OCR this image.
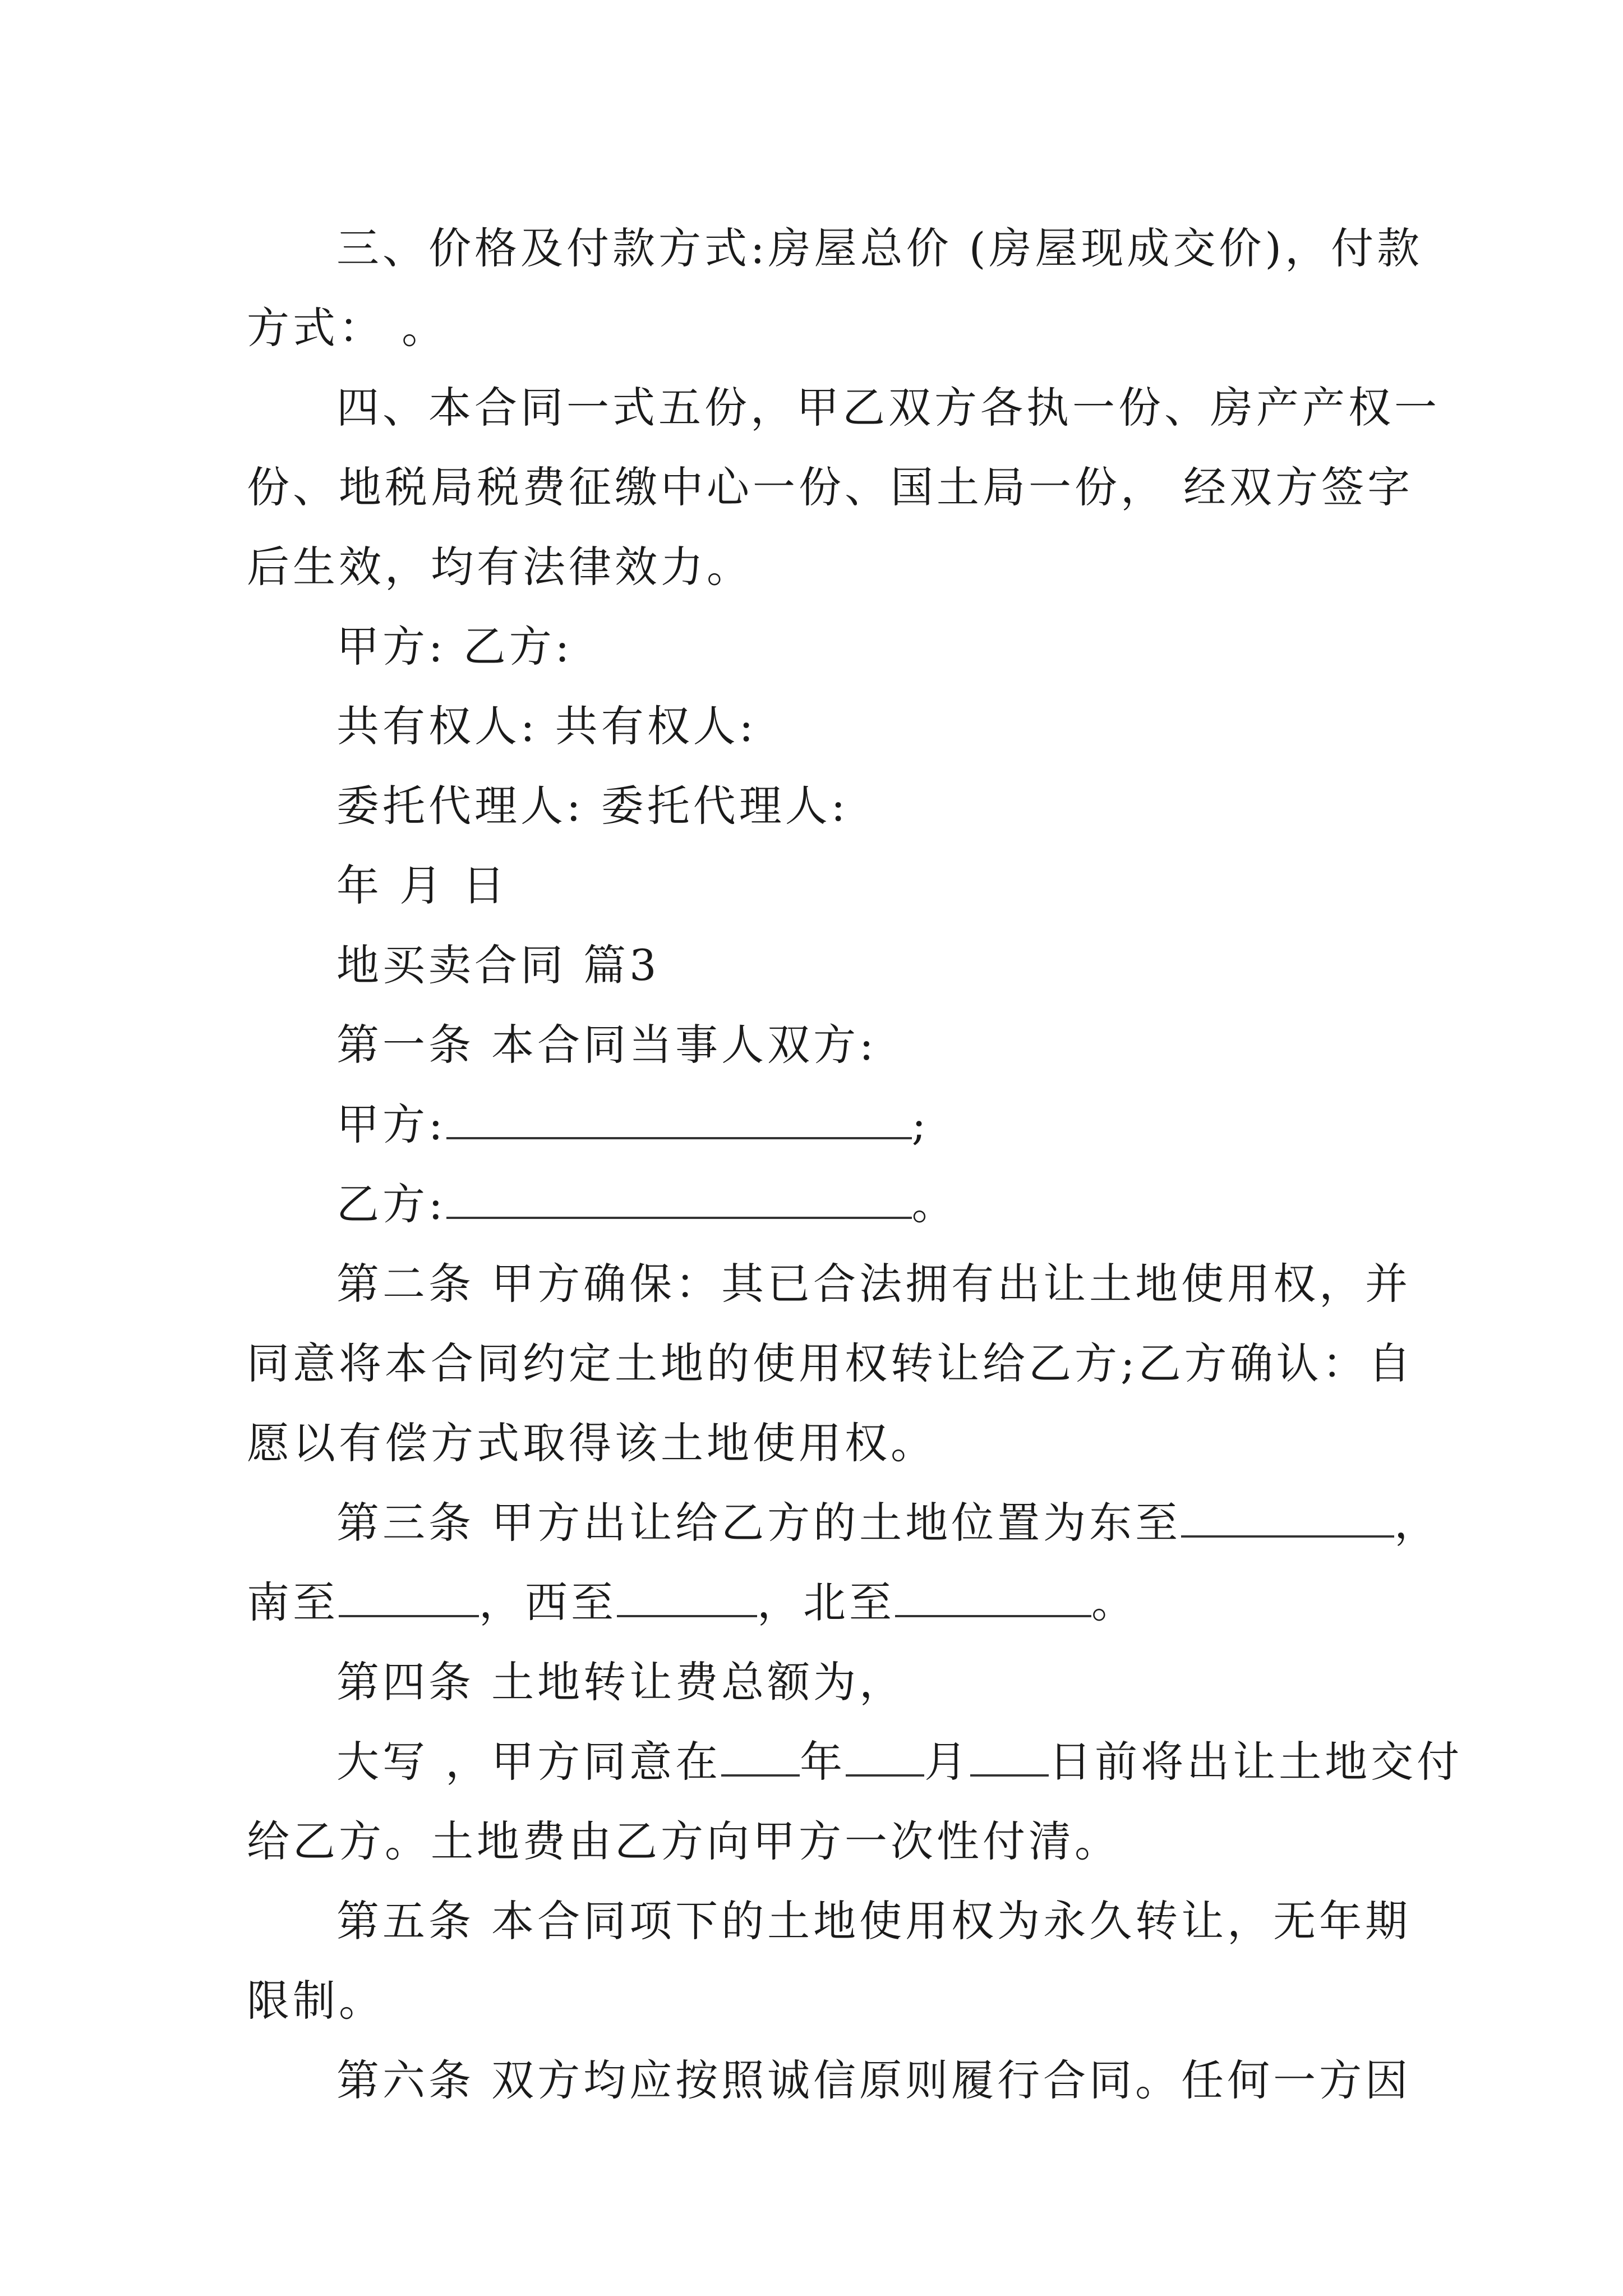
三、价格及付款方式:房屋总价 (房屋现成交价)，付款

方式： 。

四、本合同一式五份，甲乙双方各执一份、房产产权一

份、地税局税费征缴中心一份、国土局一份， 经双方签字

后生效，均有法律效力。

甲方: 乙方:

共有权人: 共有权人:

委托代理人: 委托代理人:

年 月 日

地买卖合同 篇3

第一条 本合同当事人双方:

甲方:	;

乙方:	。

第二条 甲方确保：其已合法拥有出让土地使用权，并

同意将本合同约定土地的使用权转让给乙方;乙方确认：自

愿以有偿方式取得该土地使用权。

第三条 甲方出让给乙方的土地位置为东至	，

南至	，西至	，北至	。

第四条 土地转让费总额为，

大写 ，甲方同意在 年 月 日前将出让土地交付

给乙方。土地费由乙方向甲方一次性付清。

第五条 本合同项下的土地使用权为永久转让，无年期

限制。

第六条 双方均应按照诚信原则履行合同。任何一方因
